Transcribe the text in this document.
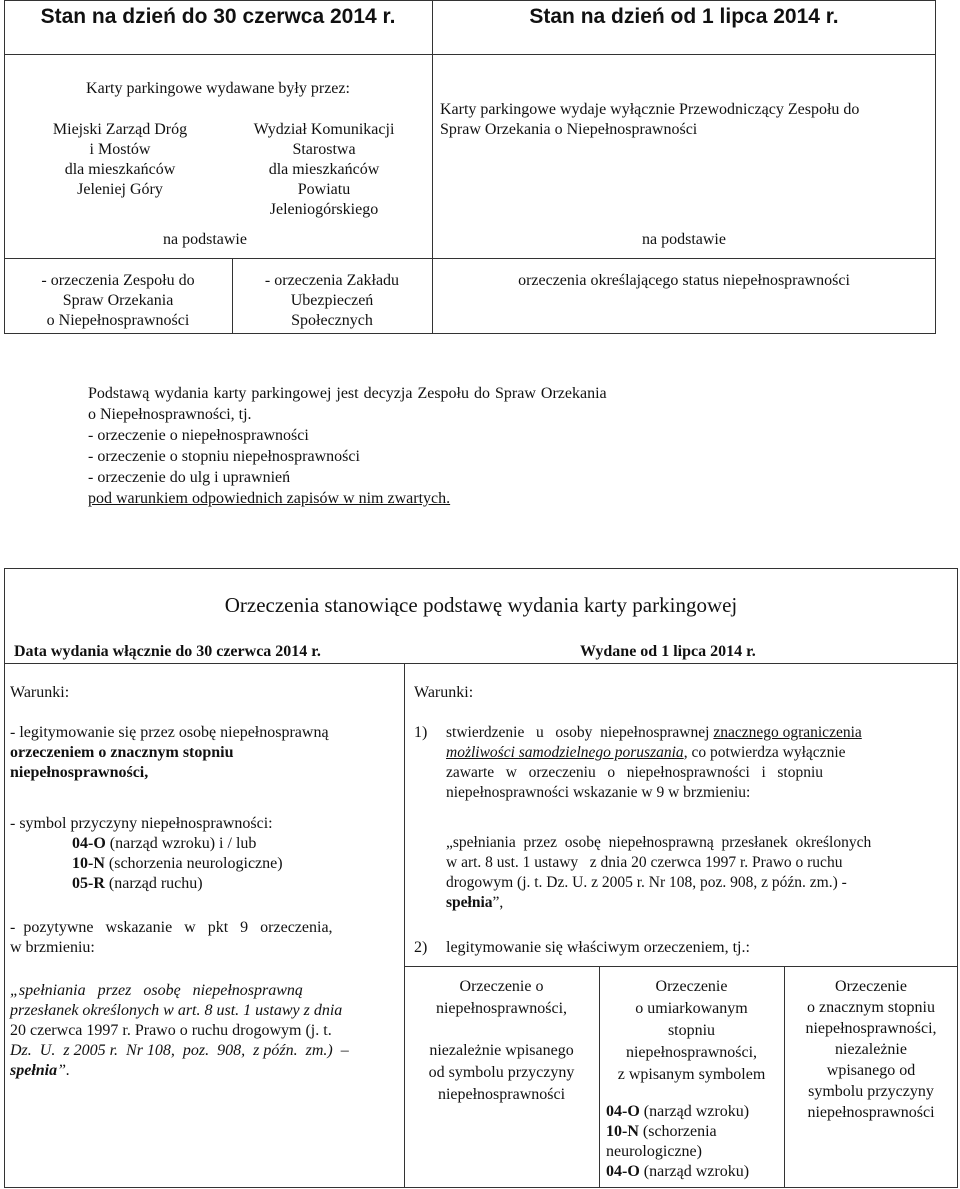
Stan na dzień do 30 czerwca 2014 r.	Stan na dzień od 1 lipca 2014 r.
Karty parkingowe wydawane były przez:
Miejski Zarząd Dróg
i Mostów
dla mieszkańców
Jeleniej Góry
Wydział Komunikacji
Starostwa
dla mieszkańców
Powiatu
Jeleniogórskiego
na podstawie
- orzeczenia Zespołu do
Spraw Orzekania
o Niepełnosprawności
- orzeczenia Zakładu
Ubezpieczeń
Społecznych
Karty parkingowe wydaje wyłącznie Przewodniczący Zespołu do
Spraw Orzekania o Niepełnosprawności
na podstawie
orzeczenia określającego status niepełnosprawności
Podstawą wydania karty parkingowej jest decyzja Zespołu do Spraw Orzekania
o Niepełnosprawności, tj.
- orzeczenie o niepełnosprawności
- orzeczenie o stopniu niepełnosprawności
- orzeczenie do ulg i uprawnień
pod warunkiem odpowiednich zapisów w nim zwartych.
Orzeczenia stanowiące podstawę wydania karty parkingowej
Data wydania włącznie do 30 czerwca 2014 r.	Wydane od 1 lipca 2014 r.
Warunki:
- legitymowanie się przez osobę niepełnosprawną
orzeczeniem o znacznym stopniu
niepełnosprawności,
- symbol przyczyny niepełnosprawności:
04-O (narząd wzroku) i / lub
10-N (schorzenia neurologiczne)
05-R (narząd ruchu)
-  pozytywne   wskazanie   w   pkt   9   orzeczenia,
w brzmieniu:
„spełniania   przez   osobę   niepełnosprawną
przesłanek określonych w art. 8 ust. 1 ustawy z dnia
20 czerwca 1997 r. Prawo o ruchu drogowym (j. t.
Dz.  U.  z 2005 r.  Nr 108,  poz.  908,  z późn.  zm.)  –
spełnia”.
Warunki:
1) stwierdzenie   u   osoby  niepełnosprawnej znacznego ograniczenia
możliwości samodzielnego poruszania, co potwierdza wyłącznie
zawarte   w   orzeczeniu   o   niepełnosprawności   i   stopniu
niepełnosprawności wskazanie w 9 w brzmieniu:
„spełniania  przez  osobę  niepełnosprawną  przesłanek  określonych
w art. 8 ust. 1 ustawy   z dnia 20 czerwca 1997 r. Prawo o ruchu
drogowym (j. t. Dz. U. z 2005 r. Nr 108, poz. 908, z późn. zm.) -
spełnia”,
2) legitymowanie się właściwym orzeczeniem, tj.:
Orzeczenie o
niepełnosprawności,
niezależnie wpisanego
od symbolu przyczyny
niepełnosprawności
Orzeczenie
o umiarkowanym
stopniu
niepełnosprawności,
z wpisanym symbolem
04-O (narząd wzroku)
10-N (schorzenia
neurologiczne)
04-O (narząd wzroku)
Orzeczenie
o znacznym stopniu
niepełnosprawności,
niezależnie
wpisanego od
symbolu przyczyny
niepełnosprawności
